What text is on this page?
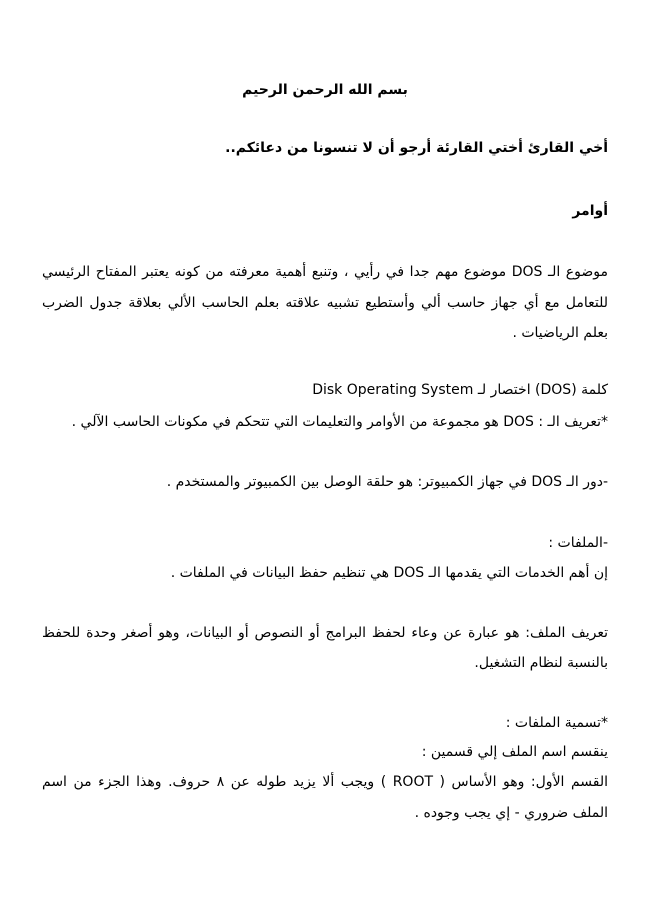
بسم الله الرحمن الرحيم
أخي القارئ أختي القارئة أرجو أن لا تنسونا من دعائكم..
أوامر
موضوع الـ DOS موضوع مهم جدا في رأيي ، وتنبع أهمية معرفته من كونه يعتبر المفتاح الرئيسي
للتعامل مع أي جهاز حاسب ألي وأستطيع تشبيه علاقته بعلم الحاسب الألي بعلاقة جدول الضرب
بعلم الرياضيات .
كلمة (DOS) اختصار لـ Disk Operating System
*تعريف الـ : DOS هو مجموعة من الأوامر والتعليمات التي تتحكم في مكونات الحاسب الآلي .
-دور الـ DOS في جهاز الكمبيوتر: هو حلقة الوصل بين الكمبيوتر والمستخدم .
-الملفات :
إن أهم الخدمات التي يقدمها الـ DOS هي تنظيم حفظ البيانات في الملفات .
تعريف الملف: هو عبارة عن وعاء لحفظ البرامج أو النصوص أو البيانات، وهو أصغر وحدة للحفظ
بالنسبة لنظام التشغيل.
*تسمية الملفات :
ينقسم اسم الملف إلي قسمين :
القسم الأول: وهو الأساس ( ROOT ) ويجب ألا يزيد طوله عن ٨ حروف. وهذا الجزء من اسم
الملف ضروري - إي يجب وجوده .
